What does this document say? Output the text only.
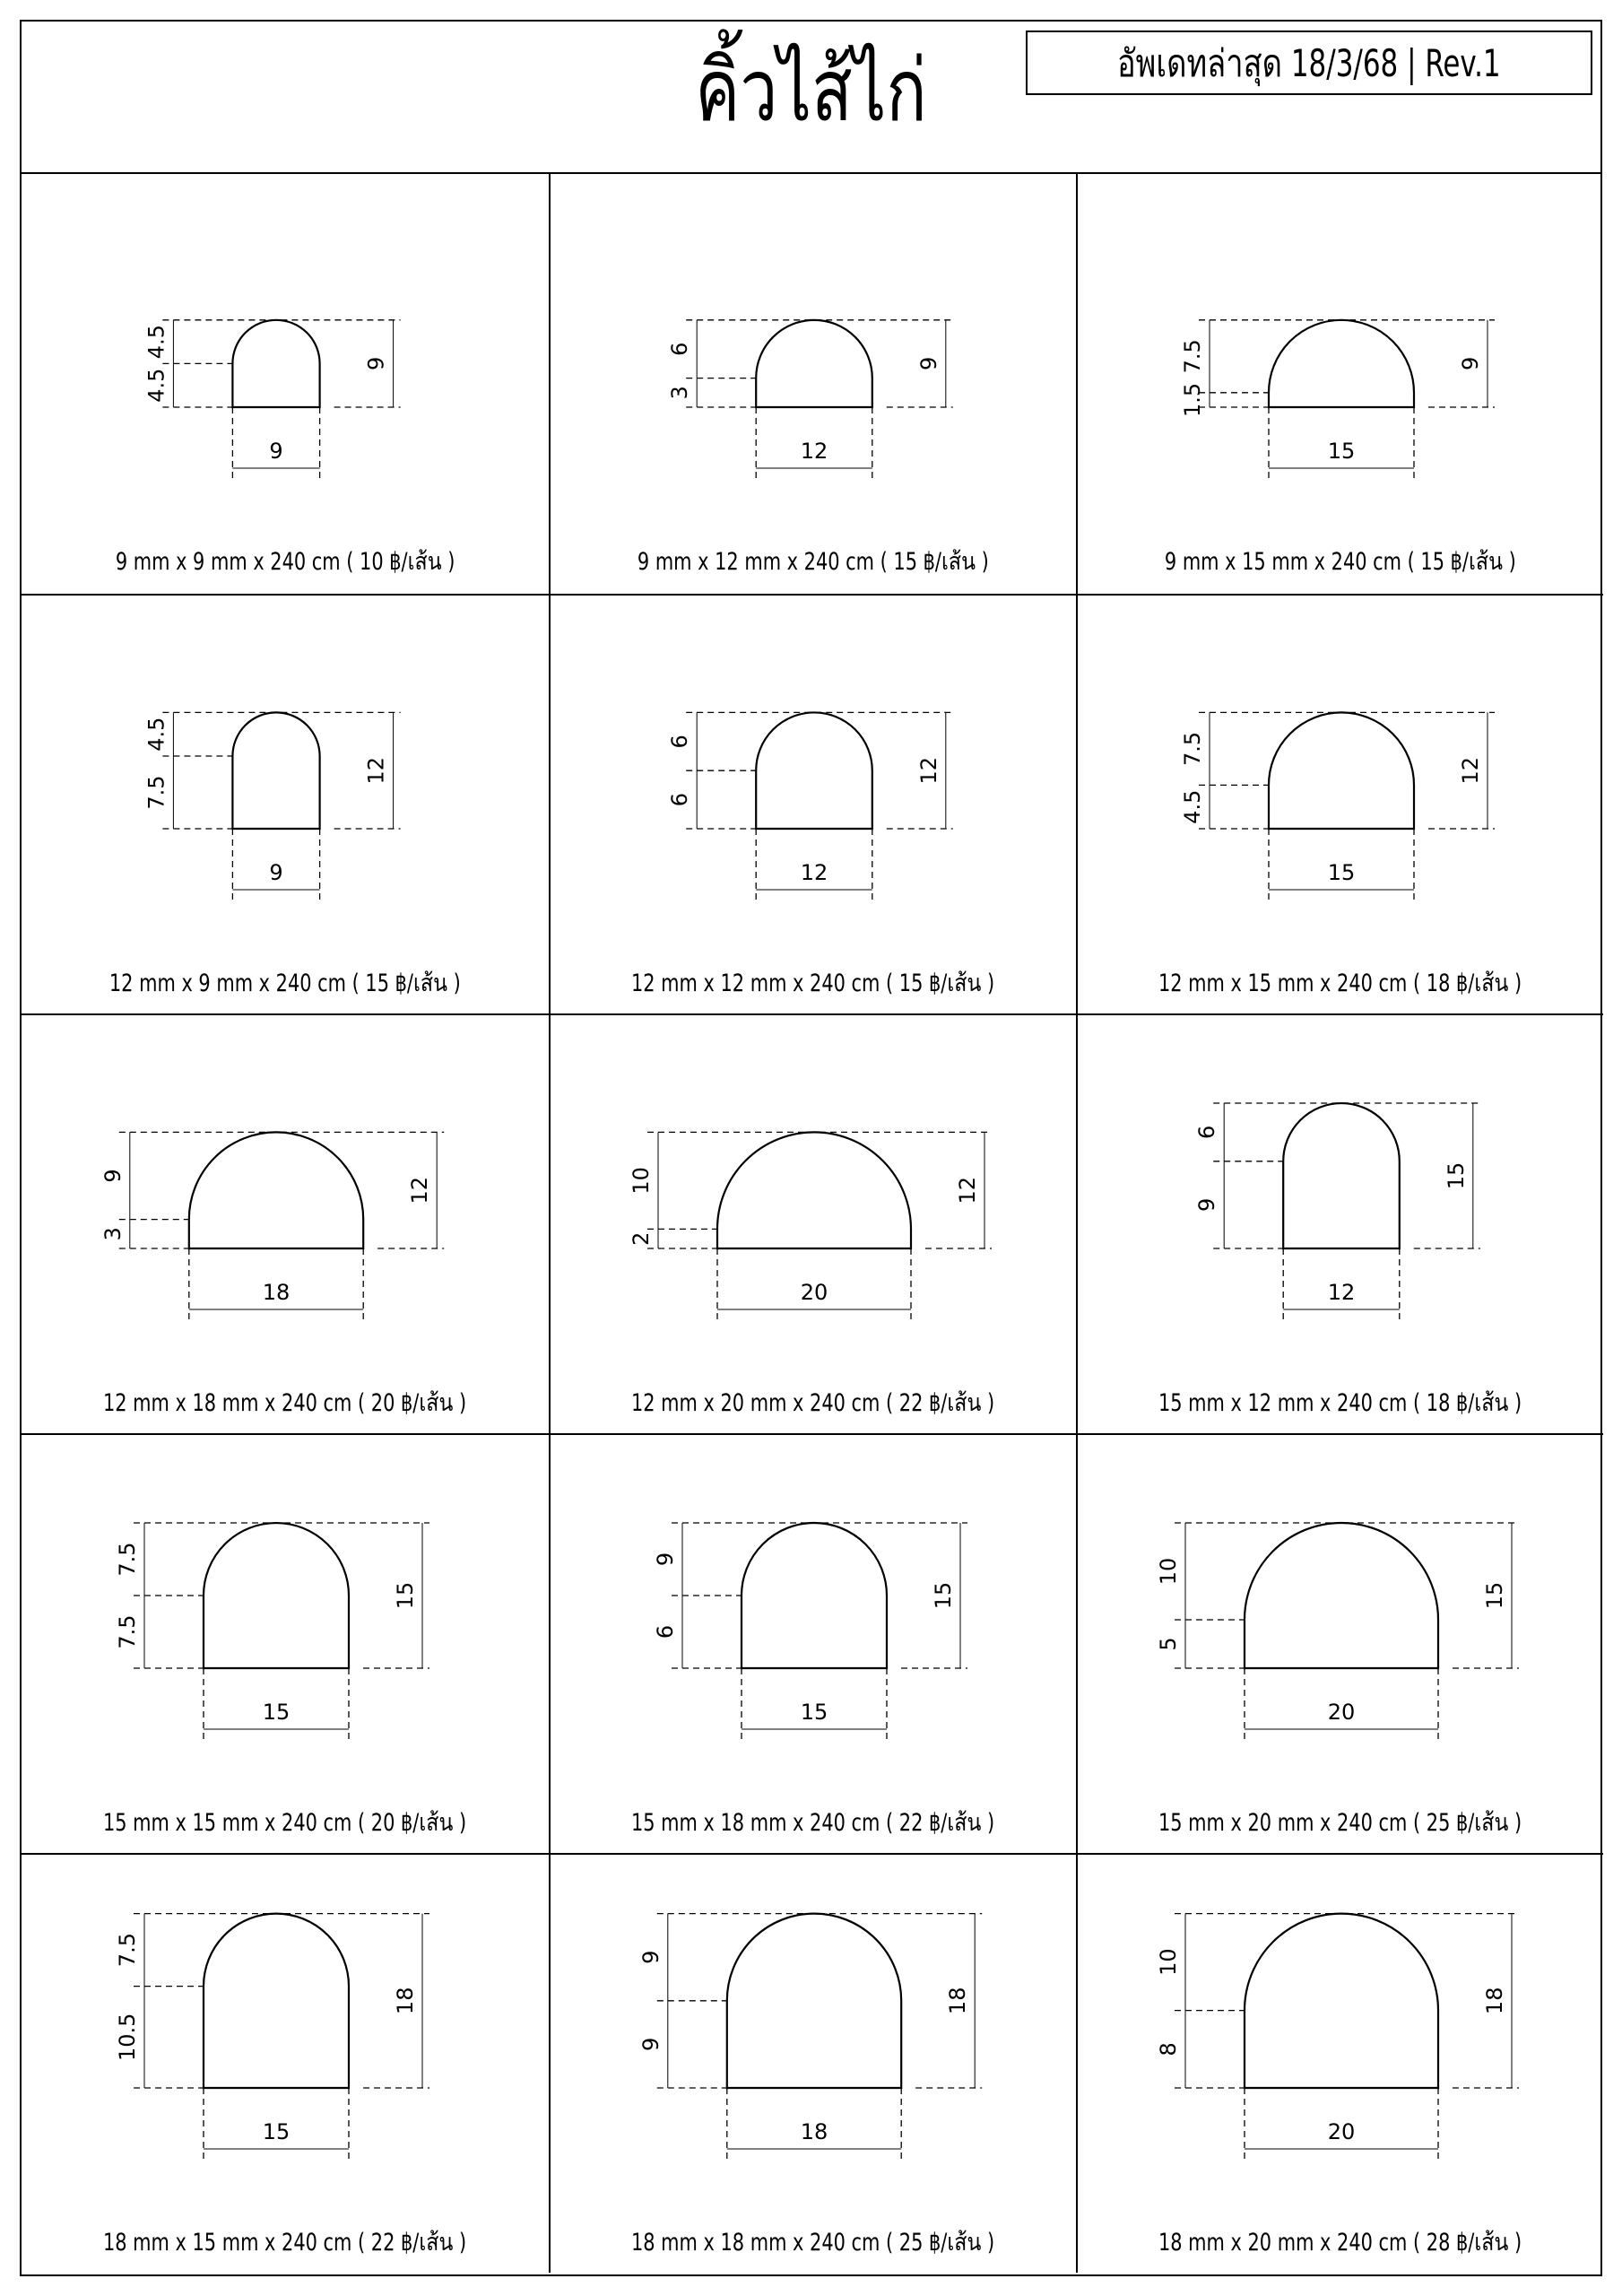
คิ้วไส้ไก่	อัพเดทล่าสุด 18/3/68 | Rev.1
9
9
4.5
4.5
9 mm x 9 mm x 240 cm ( 10 ฿/เส้น )
12
9
6
3
9 mm x 12 mm x 240 cm ( 15 ฿/เส้น )
15
9
7.5
1.5
9 mm x 15 mm x 240 cm ( 15 ฿/เส้น )
9
12
4.5
7.5
12 mm x 9 mm x 240 cm ( 15 ฿/เส้น )
12
12
6
6
12 mm x 12 mm x 240 cm ( 15 ฿/เส้น )
15
12
7.5
4.5
12 mm x 15 mm x 240 cm ( 18 ฿/เส้น )
18
12
9
3
12 mm x 18 mm x 240 cm ( 20 ฿/เส้น )
20
12
10
2
12 mm x 20 mm x 240 cm ( 22 ฿/เส้น )
12
15
6
9
15 mm x 12 mm x 240 cm ( 18 ฿/เส้น )
15
15
7.5
7.5
15 mm x 15 mm x 240 cm ( 20 ฿/เส้น )
15
15
9
6
15 mm x 18 mm x 240 cm ( 22 ฿/เส้น )
20
15
10
5
15 mm x 20 mm x 240 cm ( 25 ฿/เส้น )
15
18
7.5
10.5
18 mm x 15 mm x 240 cm ( 22 ฿/เส้น )
18
18
9
9
18 mm x 18 mm x 240 cm ( 25 ฿/เส้น )
20
18
10
8
18 mm x 20 mm x 240 cm ( 28 ฿/เส้น )
